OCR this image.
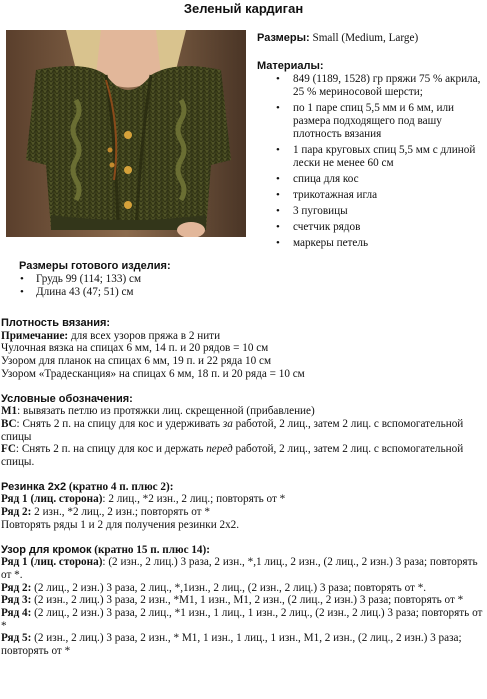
Зеленый кардиган
Размеры: Small (Medium, Large)
Материалы:
• 849 (1189, 1528) гр пряжи 75 % акрила, 25 % мериносовой шерсти;
• по 1 паре спиц 5,5 мм и 6 мм, или размера подходящего под вашу плотность вязания
• 1 пара круговых спиц 5,5 мм с длиной лески не менее 60 см
• спица для кос
• трикотажная игла
• 3 пуговицы
• счетчик рядов
• маркеры петель
Размеры готового изделия:
• Грудь 99 (114; 133) см
• Длина 43 (47; 51) см
Плотность вязания:
Примечание: для всех узоров пряжа в 2 нити
Чулочная вязка на спицах 6 мм, 14 п. и 20 рядов = 10 см
Узором для планок на спицах 6 мм, 19 п. и 22 ряда 10 см
Узором «Традесканция» на спицах 6 мм, 18 п. и 20 ряда = 10 см
Условные обозначения:
M1: вывязать петлю из протяжки лиц. скрещенной (прибавление)
BC: Снять 2 п. на спицу для кос и удерживать за работой, 2 лиц., затем 2 лиц. с вспомогательной спицы
FC: Снять 2 п. на спицу для кос и держать перед работой, 2 лиц., затем 2 лиц. с вспомогательной спицы.
Резинка 2x2 (кратно 4 п. плюс 2):
Ряд 1 (лиц. сторона): 2 лиц., *2 изн., 2 лиц.; повторять от *
Ряд 2: 2 изн., *2 лиц., 2 изн.; повторять от *
Повторять ряды 1 и 2 для получения резинки 2x2.
Узор для кромок (кратно 15 п. плюс 14):
Ряд 1 (лиц. сторона): (2 изн., 2 лиц.) 3 раза, 2 изн., *,1 лиц., 2 изн., (2 лиц., 2 изн.) 3 раза; повторять от *.
Ряд 2: (2 лиц., 2 изн.) 3 раза, 2 лиц., *,1изн., 2 лиц., (2 изн., 2 лиц.) 3 раза; повторять от *.
Ряд 3: (2 изн., 2 лиц.) 3 раза, 2 изн., *M1, 1 изн., M1, 2 изн., (2 лиц., 2 изн.) 3 раза; повторять от *
Ряд 4: (2 лиц., 2 изн.) 3 раза, 2 лиц., *1 изн., 1 лиц., 1 изн., 2 лиц., (2 изн., 2 лиц.) 3 раза; повторять от *
Ряд 5: (2 изн., 2 лиц.) 3 раза, 2 изн., * M1, 1 изн., 1 лиц., 1 изн., M1, 2 изн., (2 лиц., 2 изн.) 3 раза; повторять от *
